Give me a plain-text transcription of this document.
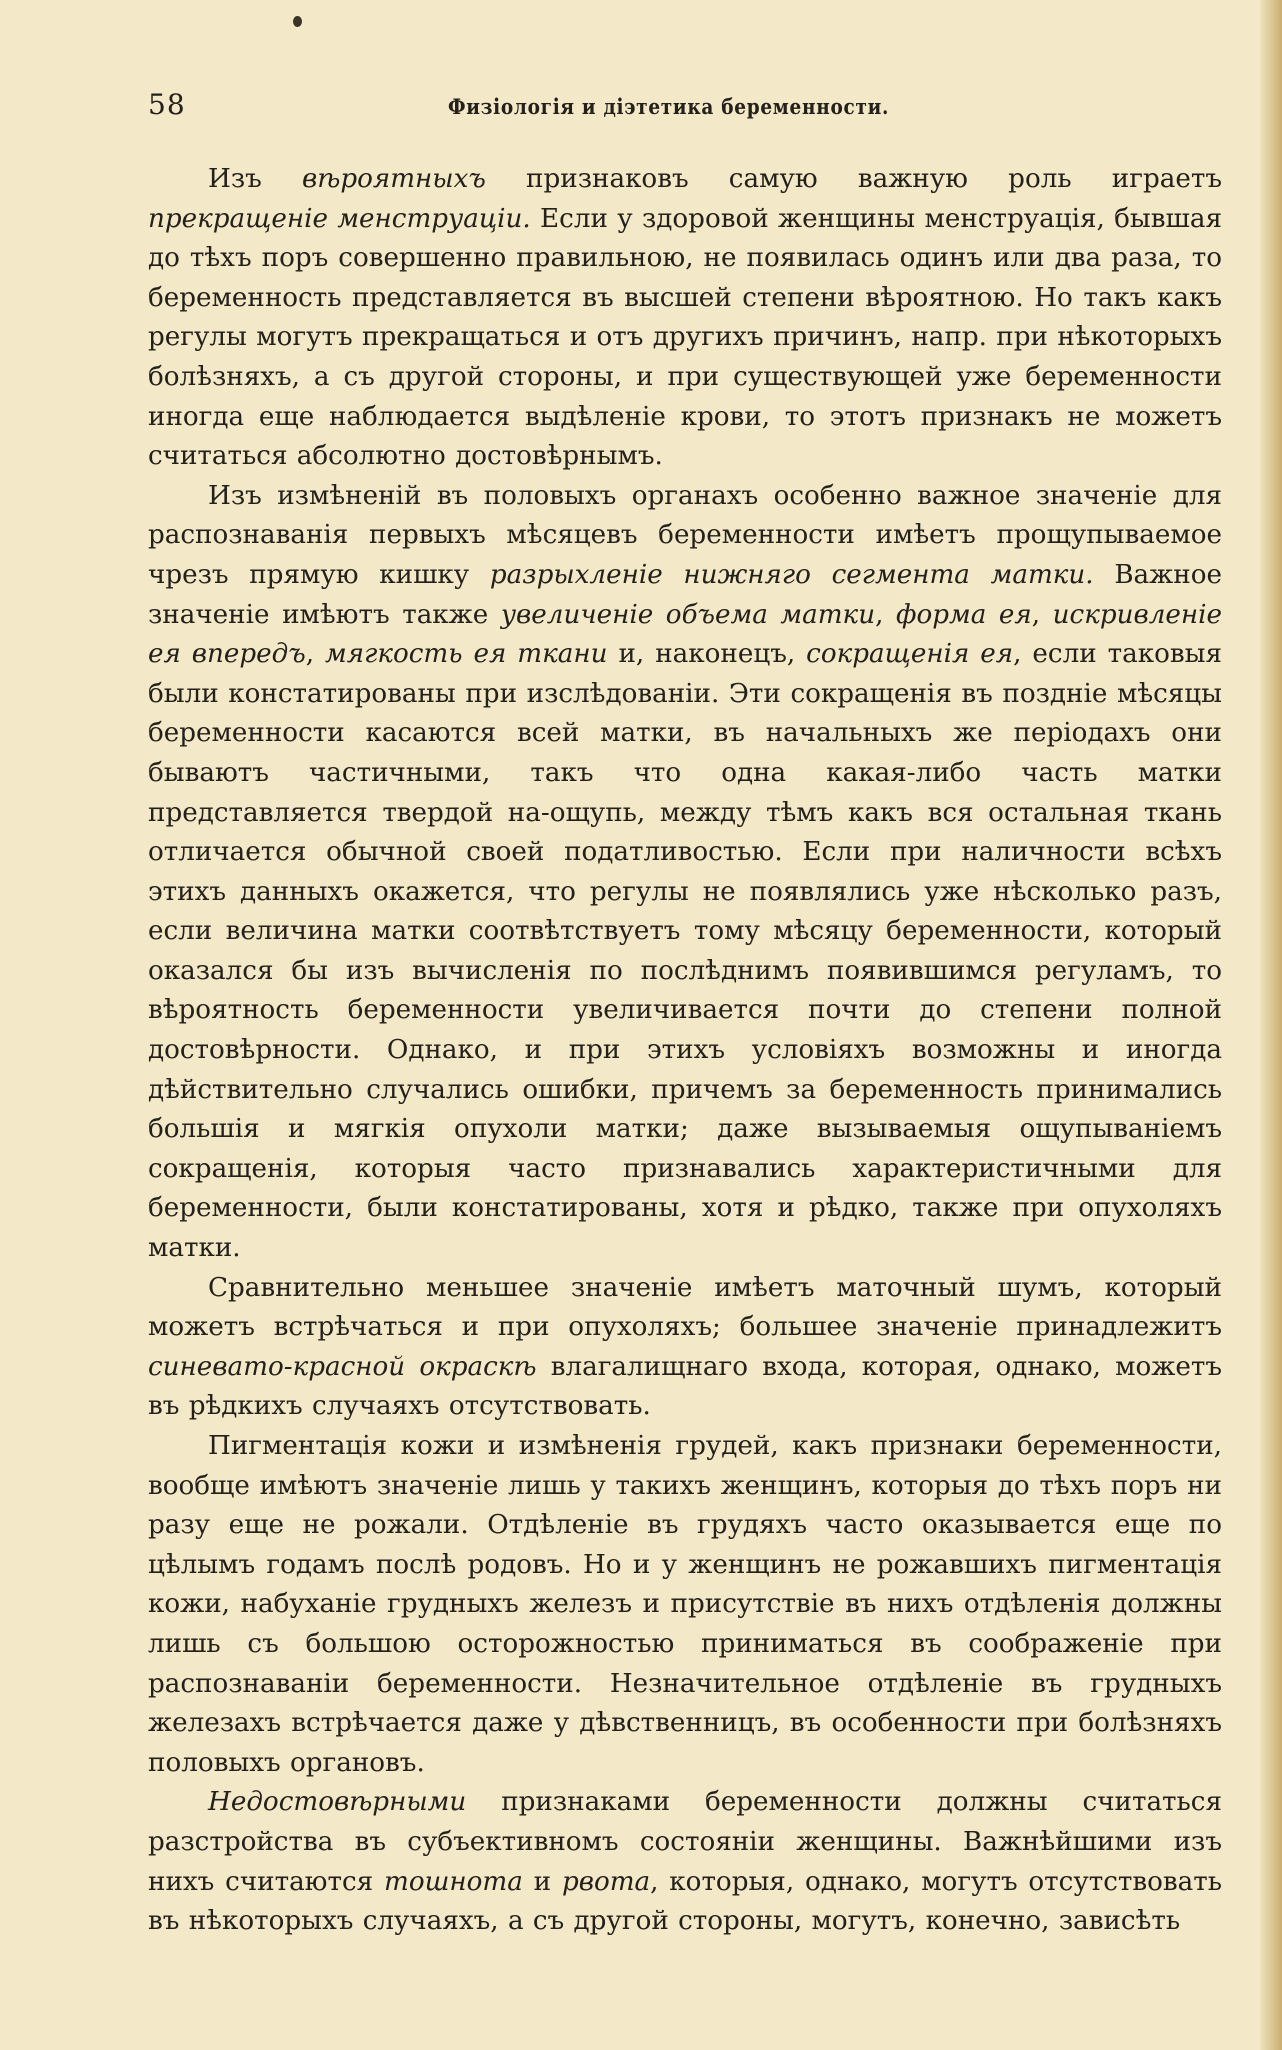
58	Физіологія и діэтетика беременности.

Изъ вѣроятныхъ признаковъ самую важную роль играетъ прекращеніе менструаціи. Если у здоровой женщины менструація, бывшая до тѣхъ поръ совершенно правильною, не появилась одинъ или два раза, то беременность представляется въ высшей степени вѣроятною. Но такъ какъ регулы могутъ прекращаться и отъ другихъ причинъ, напр. при нѣкоторыхъ болѣзняхъ, а съ другой стороны, и при существующей уже беременности иногда еще наблюдается выдѣленіе крови, то этотъ признакъ не можетъ считаться абсолютно достовѣрнымъ.

Изъ измѣненій въ половыхъ органахъ особенно важное значеніе для распознаванія первыхъ мѣсяцевъ беременности имѣетъ прощупываемое чрезъ прямую кишку разрыхленіе нижняго сегмента матки. Важное значеніе имѣютъ также увеличеніе объема матки, форма ея, искривленіе ея впередъ, мягкость ея ткани и, наконецъ, сокращенія ея, если таковыя были констатированы при изслѣдованіи. Эти сокращенія въ поздніе мѣсяцы беременности касаются всей матки, въ начальныхъ же періодахъ они бываютъ частичными, такъ что одна какая-либо часть матки представляется твердой на-ощупь, между тѣмъ какъ вся остальная ткань отличается обычной своей податливостью. Если при наличности всѣхъ этихъ данныхъ окажется, что регулы не появлялись уже нѣсколько разъ, если величина матки соотвѣтствуетъ тому мѣсяцу беременности, который оказался бы изъ вычисленія по послѣднимъ появившимся регуламъ, то вѣроятность беременности увеличивается почти до степени полной достовѣрности. Однако, и при этихъ условіяхъ возможны и иногда дѣйствительно случались ошибки, причемъ за беременность принимались большія и мягкія опухоли матки; даже вызываемыя ощупываніемъ сокращенія, которыя часто признавались характеристичными для беременности, были констатированы, хотя и рѣдко, также при опухоляхъ матки.

Сравнительно меньшее значеніе имѣетъ маточный шумъ, который можетъ встрѣчаться и при опухоляхъ; большее значеніе принадлежитъ синевато-красной окраскѣ влагалищнаго входа, которая, однако, можетъ въ рѣдкихъ случаяхъ отсутствовать.

Пигментація кожи и измѣненія грудей, какъ признаки беременности, вообще имѣютъ значеніе лишь у такихъ женщинъ, которыя до тѣхъ поръ ни разу еще не рожали. Отдѣленіе въ грудяхъ часто оказывается еще по цѣлымъ годамъ послѣ родовъ. Но и у женщинъ не рожавшихъ пигментація кожи, набуханіе грудныхъ железъ и присутствіе въ нихъ отдѣленія должны лишь съ большою осторожностью приниматься въ соображеніе при распознаваніи беременности. Незначительное отдѣленіе въ грудныхъ железахъ встрѣчается даже у дѣвственницъ, въ особенности при болѣзняхъ половыхъ органовъ.

Недостовѣрными признаками беременности должны считаться разстройства въ субъективномъ состояніи женщины. Важнѣйшими изъ нихъ считаются тошнота и рвота, которыя, однако, могутъ отсутствовать въ нѣкоторыхъ случаяхъ, а съ другой стороны, могутъ, конечно, зависѣть
